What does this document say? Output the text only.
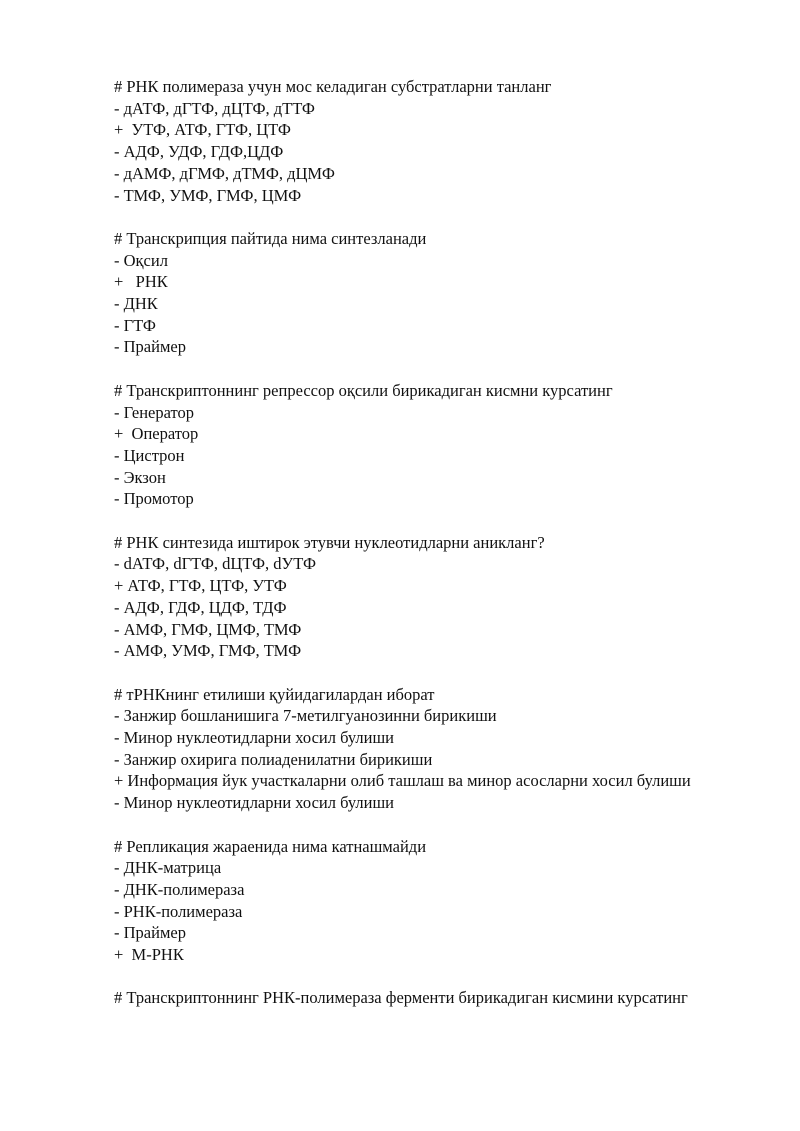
# РНК полимераза учун мос келадиган субстратларни танланг

- дАТФ, дГТФ, дЦТФ, дТТФ

+  УТФ, АТФ, ГТФ, ЦТФ

- АДФ, УДФ, ГДФ,ЦДФ

- дАМФ, дГМФ, дТМФ, дЦМФ

- ТМФ, УМФ, ГМФ, ЦМФ

# Транскрипция пайтида нима синтезланади

- Оқсил

+   РНК

- ДНК

- ГТФ

- Праймер

# Транскриптоннинг репрессор оқсили бирикадиган кисмни курсатинг

- Генератор

+  Оператор

- Цистрон

- Экзон

- Промотор

# РНК синтезида иштирок этувчи нуклеотидларни аникланг?

- dАТФ, dГТФ, dЦТФ, dУТФ

+ АТФ, ГТФ, ЦТФ, УТФ

- АДФ, ГДФ, ЦДФ, ТДФ

- АМФ, ГМФ, ЦМФ, ТМФ

- АМФ, УМФ, ГМФ, ТМФ

# тРНКнинг етилиши қуйидагилардан иборат

- Занжир бошланишига 7-метилгуанозинни бирикиши

- Минор нуклеотидларни хосил булиши

- Занжир охирига полиаденилатни бирикиши

+ Информация йук участкаларни олиб ташлаш ва минор асосларни хосил булиши

- Минор нуклеотидларни хосил булиши

# Репликация жараенида нима катнашмайди

- ДНК-матрица

- ДНК-полимераза

- РНК-полимераза

- Праймер

+  М-РНК

# Транскриптоннинг РНК-полимераза ферменти бирикадиган кисмини курсатинг
